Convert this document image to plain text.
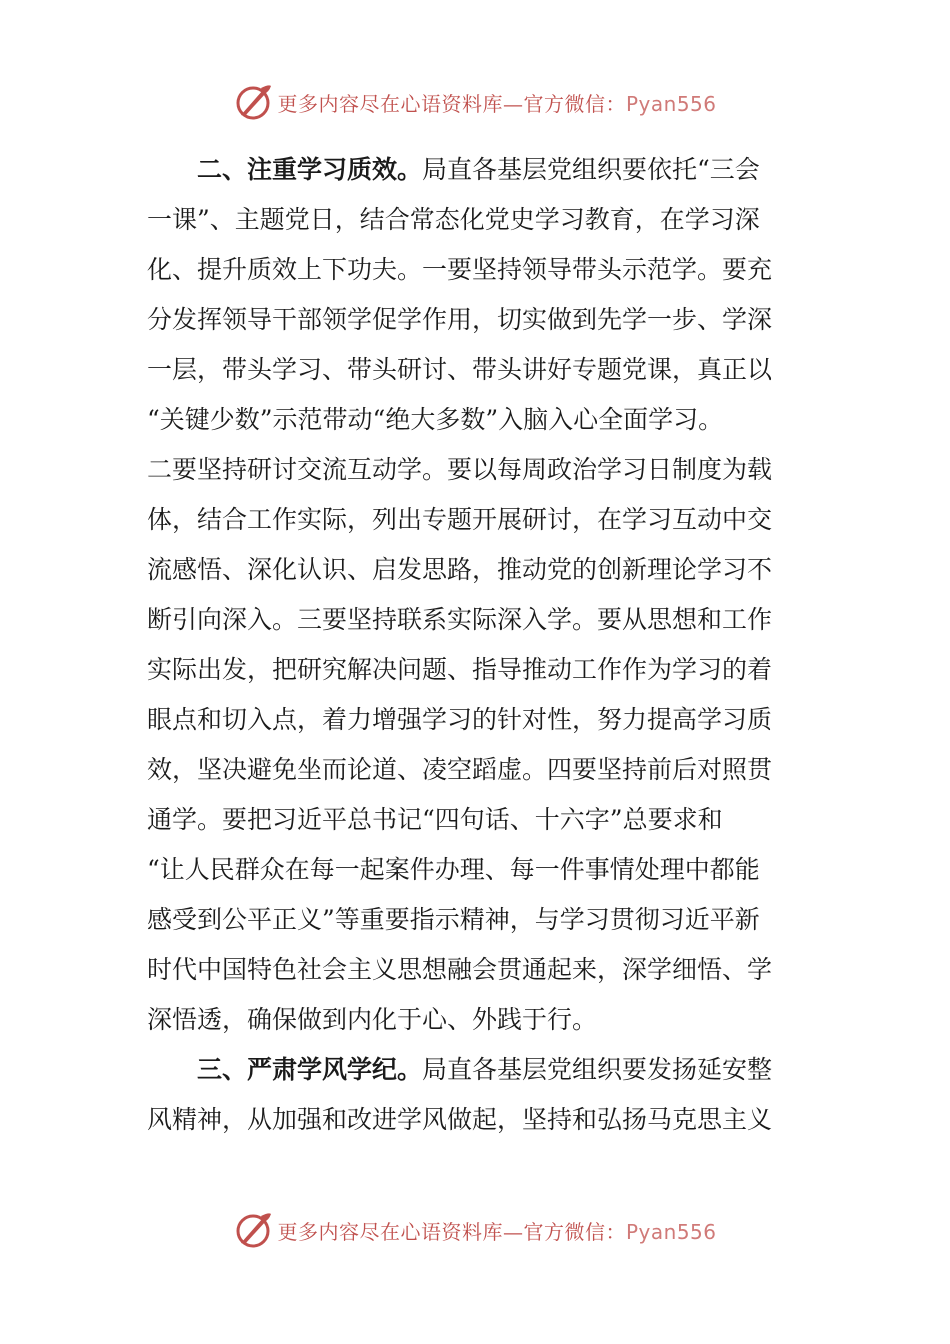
更多内容尽在心语资料库—官方微信：Pyan556

二、注重学习质效。局直各基层党组织要依托“三会
一课”、主题党日，结合常态化党史学习教育，在学习深
化、提升质效上下功夫。一要坚持领导带头示范学。要充
分发挥领导干部领学促学作用，切实做到先学一步、学深
一层，带头学习、带头研讨、带头讲好专题党课，真正以
“关键少数”示范带动“绝大多数”入脑入心全面学习。
二要坚持研讨交流互动学。要以每周政治学习日制度为载
体，结合工作实际，列出专题开展研讨，在学习互动中交
流感悟、深化认识、启发思路，推动党的创新理论学习不
断引向深入。三要坚持联系实际深入学。要从思想和工作
实际出发，把研究解决问题、指导推动工作作为学习的着
眼点和切入点，着力增强学习的针对性，努力提高学习质
效，坚决避免坐而论道、凌空蹈虚。四要坚持前后对照贯
通学。要把习近平总书记“四句话、十六字”总要求和
“让人民群众在每一起案件办理、每一件事情处理中都能
感受到公平正义”等重要指示精神，与学习贯彻习近平新
时代中国特色社会主义思想融会贯通起来，深学细悟、学
深悟透，确保做到内化于心、外践于行。

三、严肃学风学纪。局直各基层党组织要发扬延安整
风精神，从加强和改进学风做起，坚持和弘扬马克思主义

更多内容尽在心语资料库—官方微信：Pyan556
